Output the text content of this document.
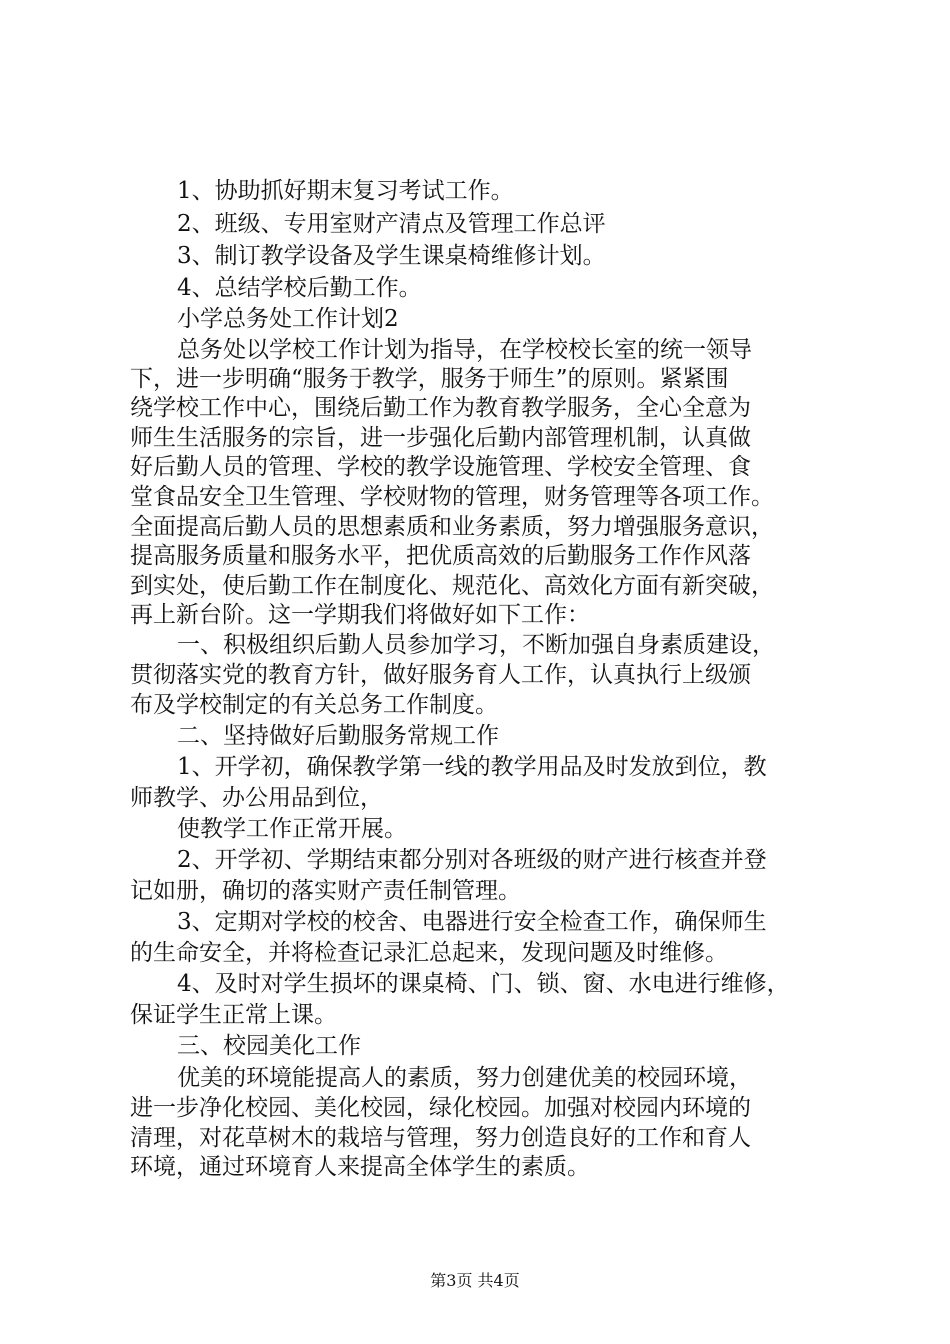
1、协助抓好期末复习考试工作。

2、班级、专用室财产清点及管理工作总评

3、制订教学设备及学生课桌椅维修计划。

4、总结学校后勤工作。

小学总务处工作计划2

总务处以学校工作计划为指导，在学校校长室的统一领导

下，进一步明确“服务于教学，服务于师生”的原则。紧紧围

绕学校工作中心，围绕后勤工作为教育教学服务，全心全意为

师生生活服务的宗旨，进一步强化后勤内部管理机制，认真做

好后勤人员的管理、学校的教学设施管理、学校安全管理、食

堂食品安全卫生管理、学校财物的管理，财务管理等各项工作。

全面提高后勤人员的思想素质和业务素质，努力增强服务意识，

提高服务质量和服务水平，把优质高效的后勤服务工作作风落

到实处，使后勤工作在制度化、规范化、高效化方面有新突破，

再上新台阶。这一学期我们将做好如下工作：

一、积极组织后勤人员参加学习，不断加强自身素质建设，

贯彻落实党的教育方针，做好服务育人工作，认真执行上级颁

布及学校制定的有关总务工作制度。

二、坚持做好后勤服务常规工作

1、开学初，确保教学第一线的教学用品及时发放到位，教

师教学、办公用品到位，

使教学工作正常开展。

2、开学初、学期结束都分别对各班级的财产进行核查并登

记如册，确切的落实财产责任制管理。

3、定期对学校的校舍、电器进行安全检查工作，确保师生

的生命安全，并将检查记录汇总起来，发现问题及时维修。

4、及时对学生损坏的课桌椅、门、锁、窗、水电进行维修，

保证学生正常上课。

三、校园美化工作

优美的环境能提高人的素质，努力创建优美的校园环境，

进一步净化校园、美化校园，绿化校园。加强对校园内环境的

清理，对花草树木的栽培与管理，努力创造良好的工作和育人

环境，通过环境育人来提高全体学生的素质。

第3页 共4页
